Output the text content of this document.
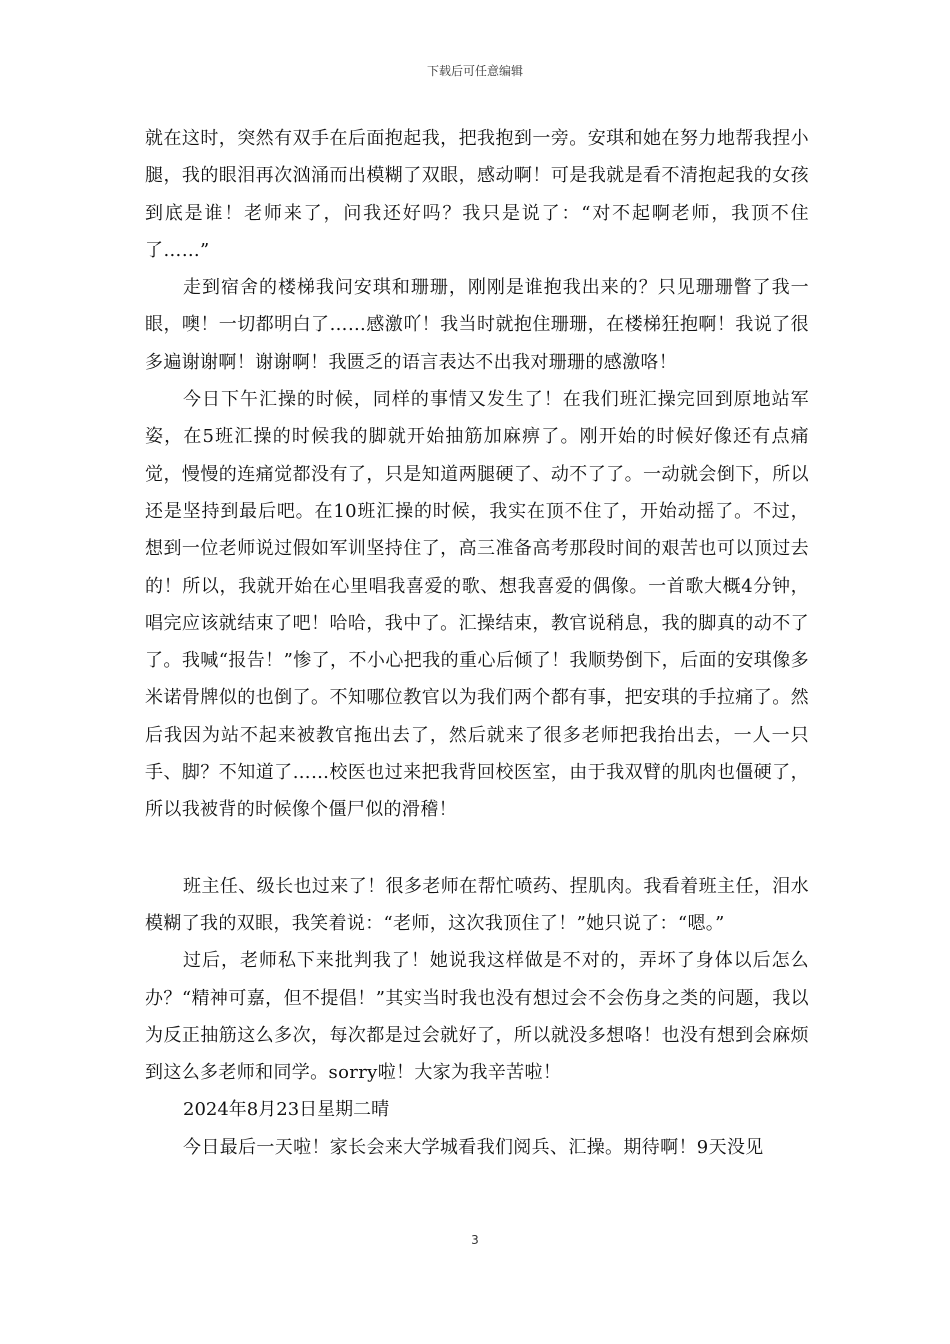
下载后可任意编辑

就在这时，突然有双手在后面抱起我，把我抱到一旁。安琪和她在努力地帮我捏小腿，我的眼泪再次汹涌而出模糊了双眼，感动啊！可是我就是看不清抱起我的女孩到底是谁！老师来了，问我还好吗？我只是说了：“对不起啊老师，我顶不住了……”

走到宿舍的楼梯我问安琪和珊珊，刚刚是谁抱我出来的？只见珊珊瞥了我一眼，噢！一切都明白了……感激吖！我当时就抱住珊珊，在楼梯狂抱啊！我说了很多遍谢谢啊！谢谢啊！我匮乏的语言表达不出我对珊珊的感激咯！

今日下午汇操的时候，同样的事情又发生了！在我们班汇操完回到原地站军姿，在5班汇操的时候我的脚就开始抽筋加麻痹了。刚开始的时候好像还有点痛觉，慢慢的连痛觉都没有了，只是知道两腿硬了、动不了了。一动就会倒下，所以还是坚持到最后吧。在10班汇操的时候，我实在顶不住了，开始动摇了。不过，想到一位老师说过假如军训坚持住了，高三准备高考那段时间的艰苦也可以顶过去的！所以，我就开始在心里唱我喜爱的歌、想我喜爱的偶像。一首歌大概4分钟，唱完应该就结束了吧！哈哈，我中了。汇操结束，教官说稍息，我的脚真的动不了了。我喊“报告！”惨了，不小心把我的重心后倾了！我顺势倒下，后面的安琪像多米诺骨牌似的也倒了。不知哪位教官以为我们两个都有事，把安琪的手拉痛了。然后我因为站不起来被教官拖出去了，然后就来了很多老师把我抬出去，一人一只手、脚？不知道了……校医也过来把我背回校医室，由于我双臂的肌肉也僵硬了，所以我被背的时候像个僵尸似的滑稽！

班主任、级长也过来了！很多老师在帮忙喷药、捏肌肉。我看着班主任，泪水模糊了我的双眼，我笑着说：“老师，这次我顶住了！”她只说了：“嗯。”

过后，老师私下来批判我了！她说我这样做是不对的，弄坏了身体以后怎么办？“精神可嘉，但不提倡！”其实当时我也没有想过会不会伤身之类的问题，我以为反正抽筋这么多次，每次都是过会就好了，所以就没多想咯！也没有想到会麻烦到这么多老师和同学。sorry啦！大家为我辛苦啦！

2024年8月23日星期二晴

今日最后一天啦！家长会来大学城看我们阅兵、汇操。期待啊！9天没见

3
